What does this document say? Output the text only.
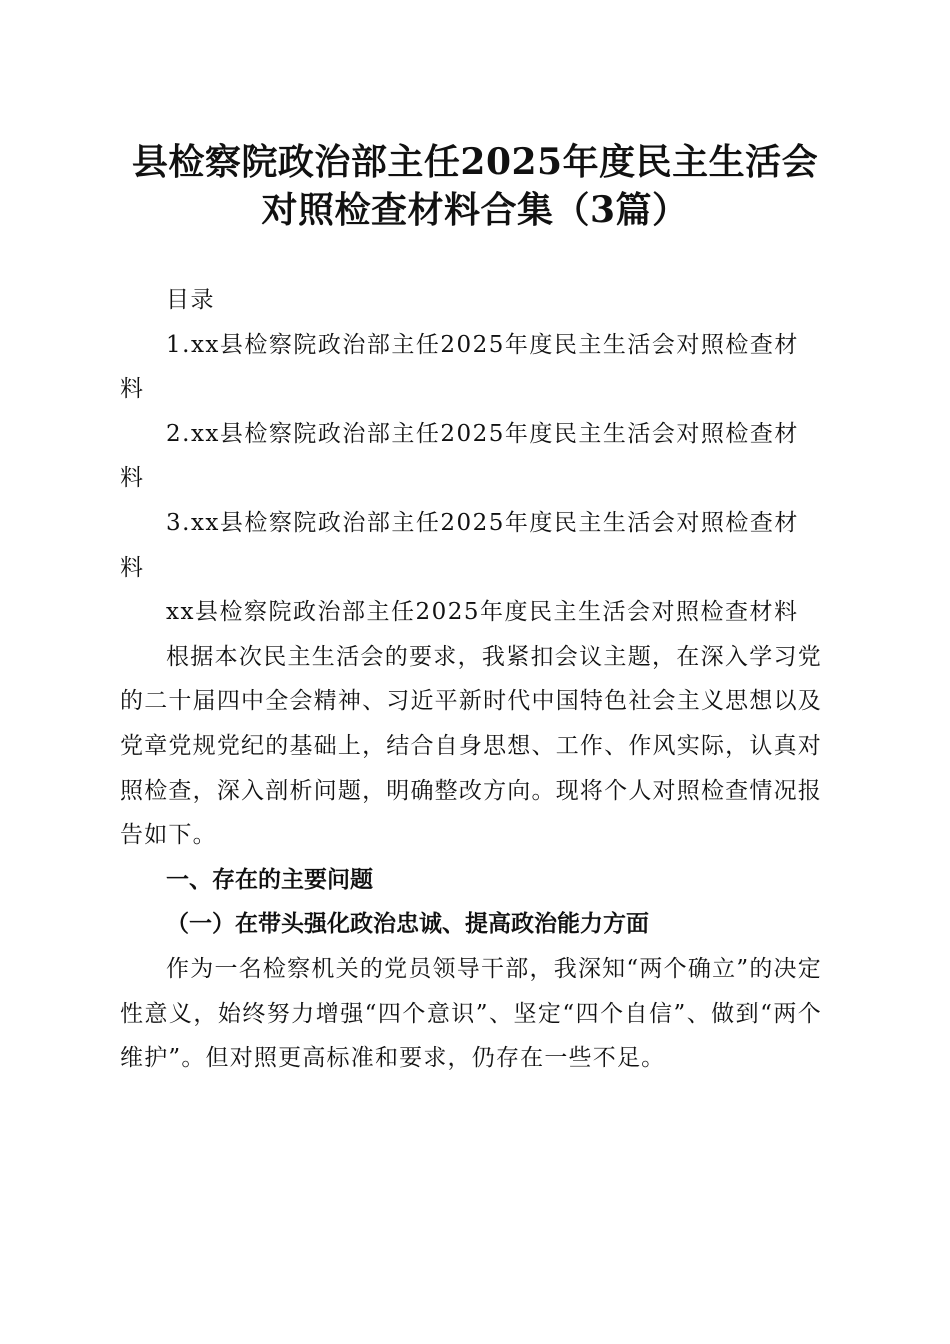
县检察院政治部主任2025年度民主生活会对照检查材料合集（3篇）

目录

1.xx县检察院政治部主任2025年度民主生活会对照检查材料

2.xx县检察院政治部主任2025年度民主生活会对照检查材料

3.xx县检察院政治部主任2025年度民主生活会对照检查材料

xx县检察院政治部主任2025年度民主生活会对照检查材料

根据本次民主生活会的要求，我紧扣会议主题，在深入学习党的二十届四中全会精神、习近平新时代中国特色社会主义思想以及党章党规党纪的基础上，结合自身思想、工作、作风实际，认真对照检查，深入剖析问题，明确整改方向。现将个人对照检查情况报告如下。

一、存在的主要问题

（一）在带头强化政治忠诚、提高政治能力方面

作为一名检察机关的党员领导干部，我深知“两个确立”的决定性意义，始终努力增强“四个意识”、坚定“四个自信”、做到“两个维护”。但对照更高标准和要求，仍存在一些不足。
